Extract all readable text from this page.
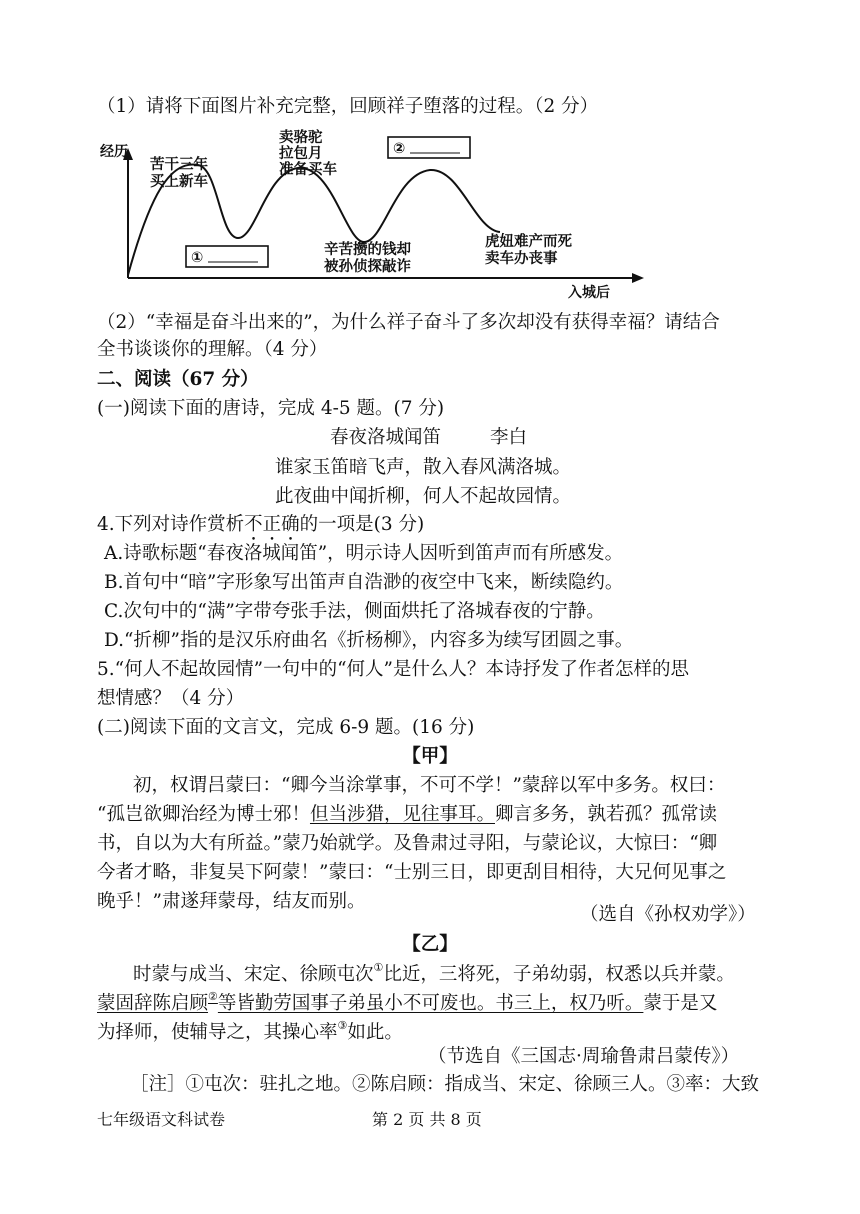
（1）请将下面图片补充完整，回顾祥子堕落的过程。（2 分）
经历
苦干三年
买上新车
卖骆驼
拉包月
准备买车
①
②
辛苦攒的钱却
被孙侦探敲诈
虎妞难产而死
卖车办丧事
入城后
（2）“幸福是奋斗出来的”，为什么祥子奋斗了多次却没有获得幸福？请结合
全书谈谈你的理解。（4 分）
二、阅读（67 分）
(一)阅读下面的唐诗，完成 4-5 题。(7 分)
春夜洛城闻笛	李白
谁家玉笛暗飞声，散入春风满洛城。
此夜曲中闻折柳，何人不起故园情。
4.下列对诗作赏析不正确的一项是(3 分)
A.诗歌标题“春夜洛城闻笛”，明示诗人因听到笛声而有所感发。
B.首句中“暗”字形象写出笛声自浩渺的夜空中飞来，断续隐约。
C.次句中的“满”字带夸张手法，侧面烘托了洛城春夜的宁静。
D.“折柳”指的是汉乐府曲名《折杨柳》，内容多为续写团圆之事。
5.“何人不起故园情”一句中的“何人”是什么人？本诗抒发了作者怎样的思
想情感？（4 分）
(二)阅读下面的文言文，完成 6-9 题。(16 分)
【甲】
初，权谓吕蒙曰：“卿今当涂掌事，不可不学！”蒙辞以军中多务。权曰：
“孤岂欲卿治经为博士邪！但当涉猎，见往事耳。卿言多务，孰若孤？孤常读
书，自以为大有所益。”蒙乃始就学。及鲁肃过寻阳，与蒙论议，大惊曰：“卿
今者才略，非复吴下阿蒙！”蒙曰：“士别三日，即更刮目相待，大兄何见事之
晚乎！”肃遂拜蒙母，结友而别。
（选自《孙权劝学》）
【乙】
时蒙与成当、宋定、徐顾屯次①比近，三将死，子弟幼弱，权悉以兵并蒙。
蒙固辞陈启顾②等皆勤劳国事子弟虽小不可废也。书三上，权乃听。蒙于是又
为择师，使辅导之，其操心率③如此。
（节选自《三国志·周瑜鲁肃吕蒙传》）
［注］①屯次：驻扎之地。②陈启顾：指成当、宋定、徐顾三人。③率：大致
七年级语文科试卷	第 2 页 共 8 页
